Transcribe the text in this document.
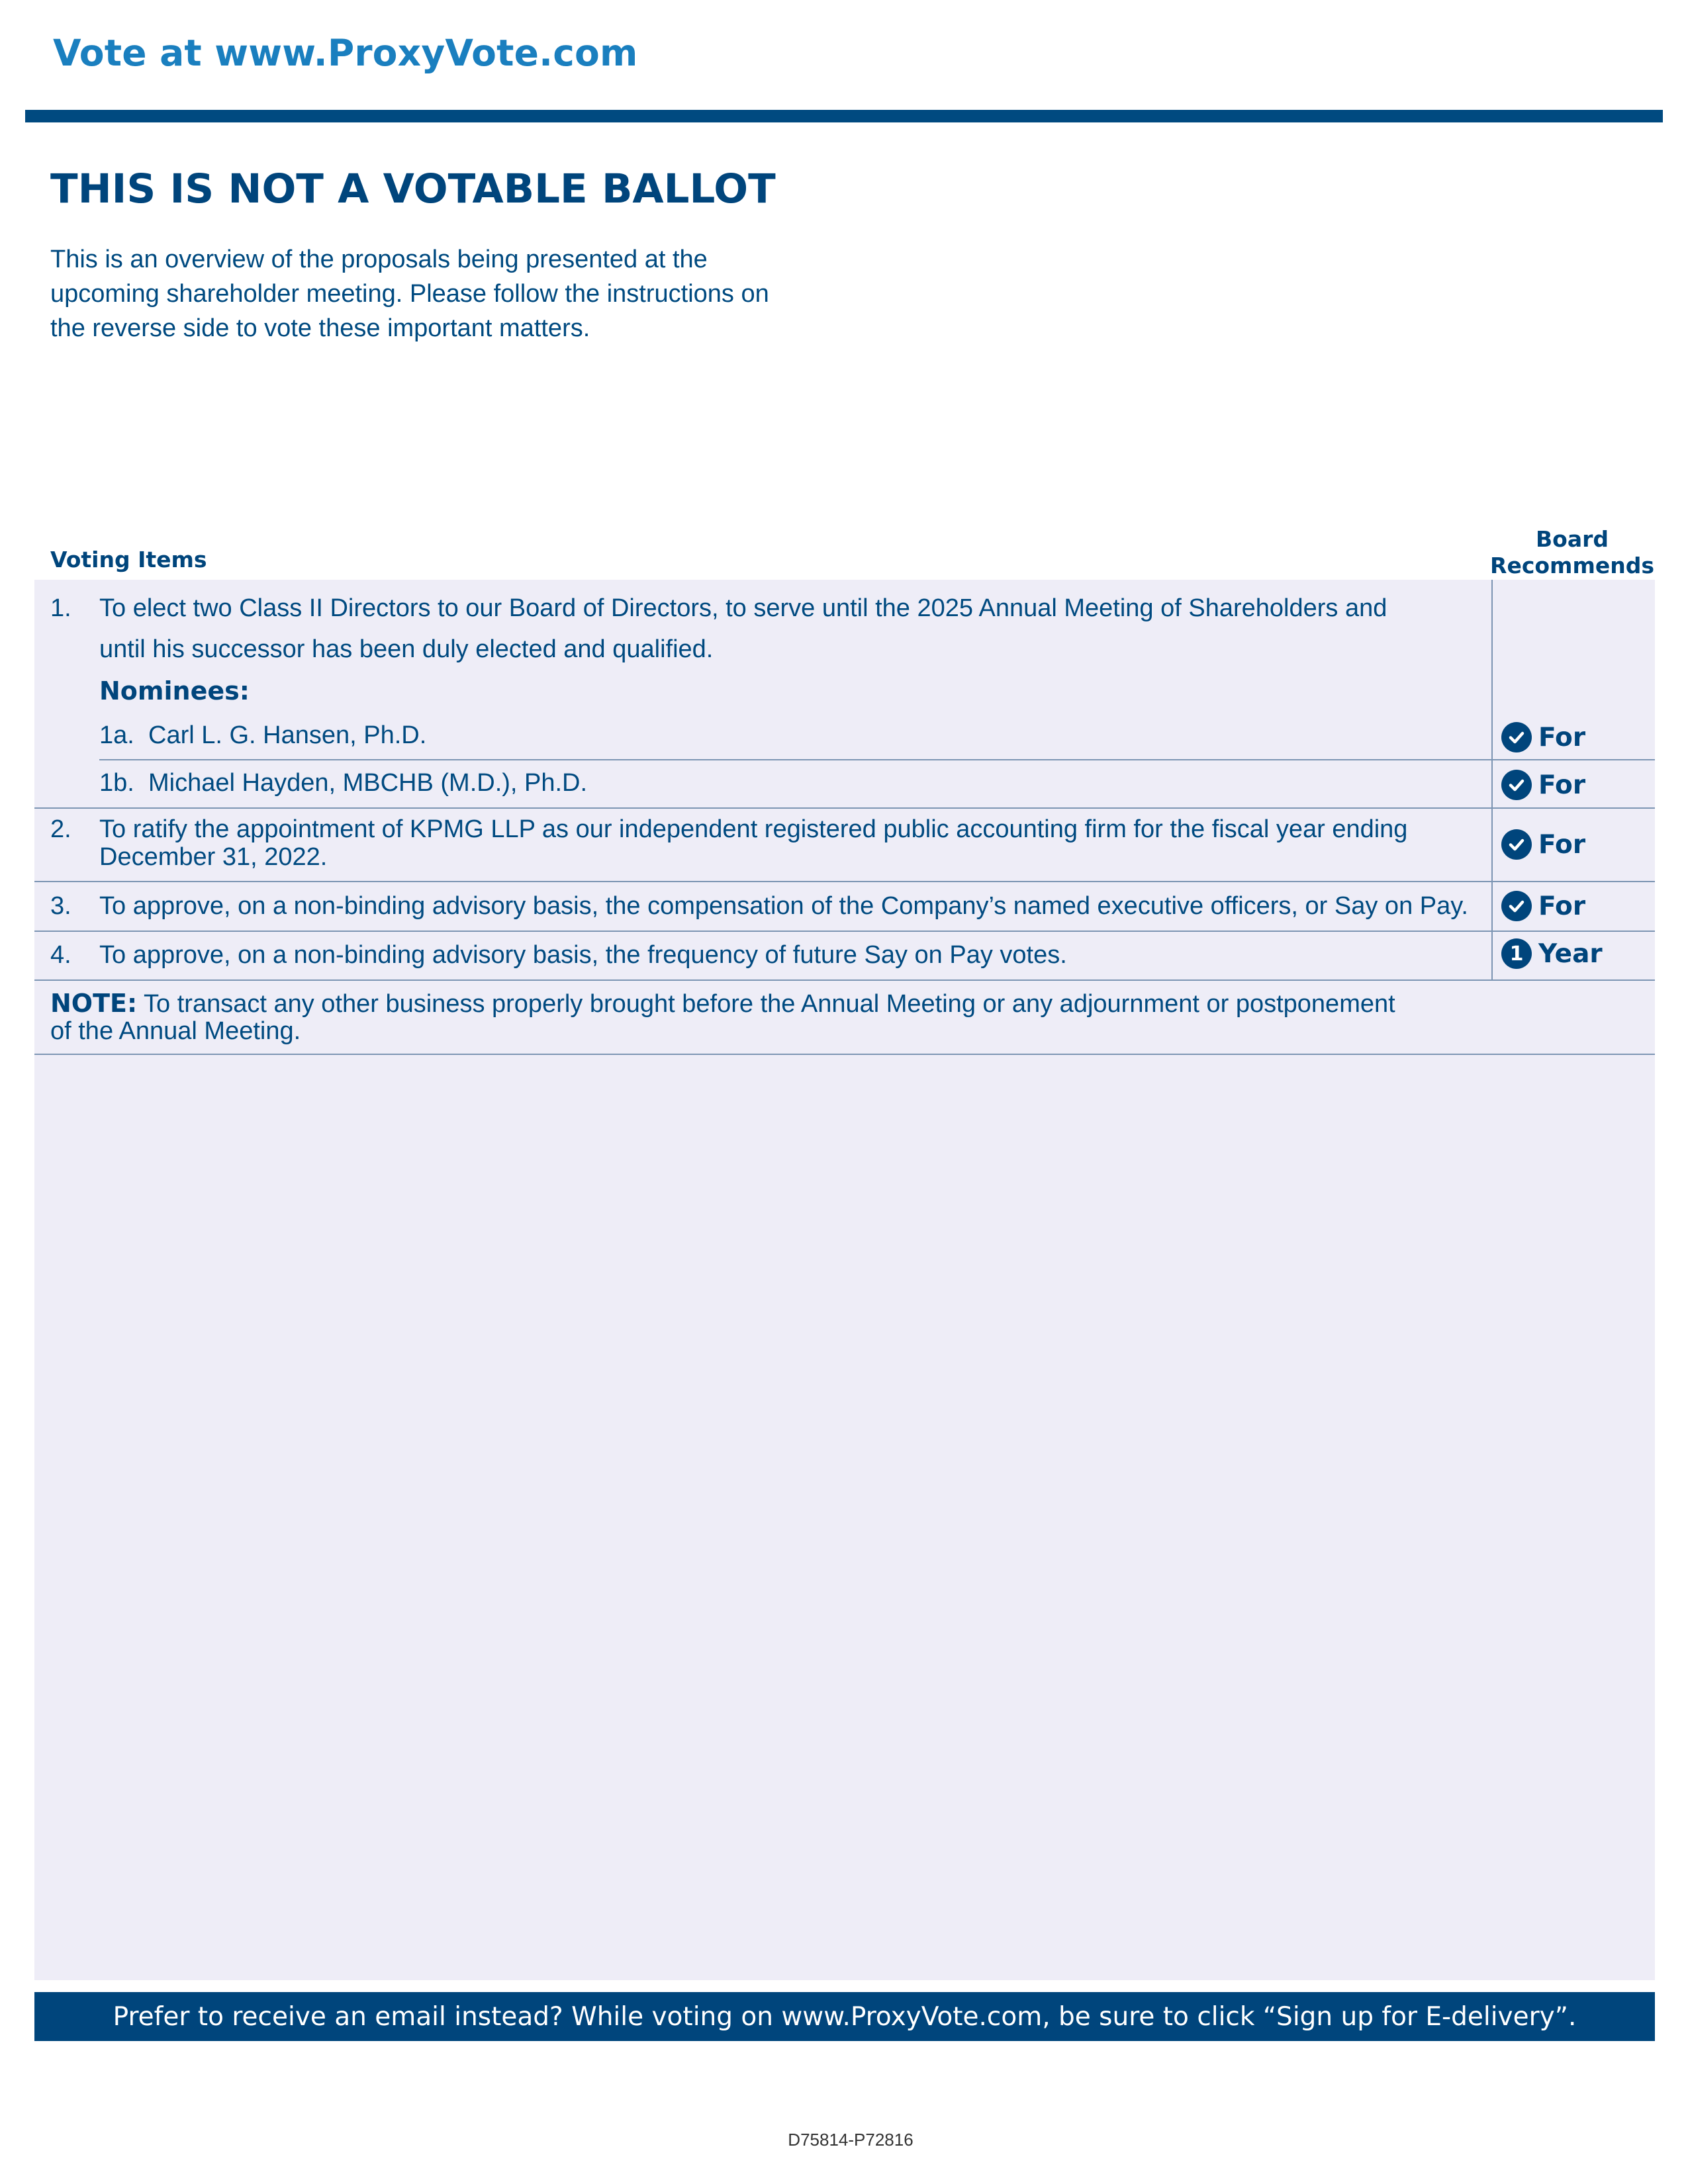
Vote at www.ProxyVote.com
THIS IS NOT A VOTABLE BALLOT
This is an overview of the proposals being presented at the
upcoming shareholder meeting. Please follow the instructions on
the reverse side to vote these important matters.
Voting Items
Board
Recommends
1. To elect two Class II Directors to our Board of Directors, to serve until the 2025 Annual Meeting of Shareholders and
until his successor has been duly elected and qualified.
Nominees:
1a. Carl L. G. Hansen, Ph.D.	For
1b. Michael Hayden, MBCHB (M.D.), Ph.D.	For
2. To ratify the appointment of KPMG LLP as our independent registered public accounting firm for the fiscal year ending
December 31, 2022.	For
3. To approve, on a non-binding advisory basis, the compensation of the Company’s named executive officers, or Say on Pay.	For
4. To approve, on a non-binding advisory basis, the frequency of future Say on Pay votes.	1 Year
NOTE: To transact any other business properly brought before the Annual Meeting or any adjournment or postponement
of the Annual Meeting.
Prefer to receive an email instead? While voting on www.ProxyVote.com, be sure to click “Sign up for E-delivery”.
D75814-P72816
